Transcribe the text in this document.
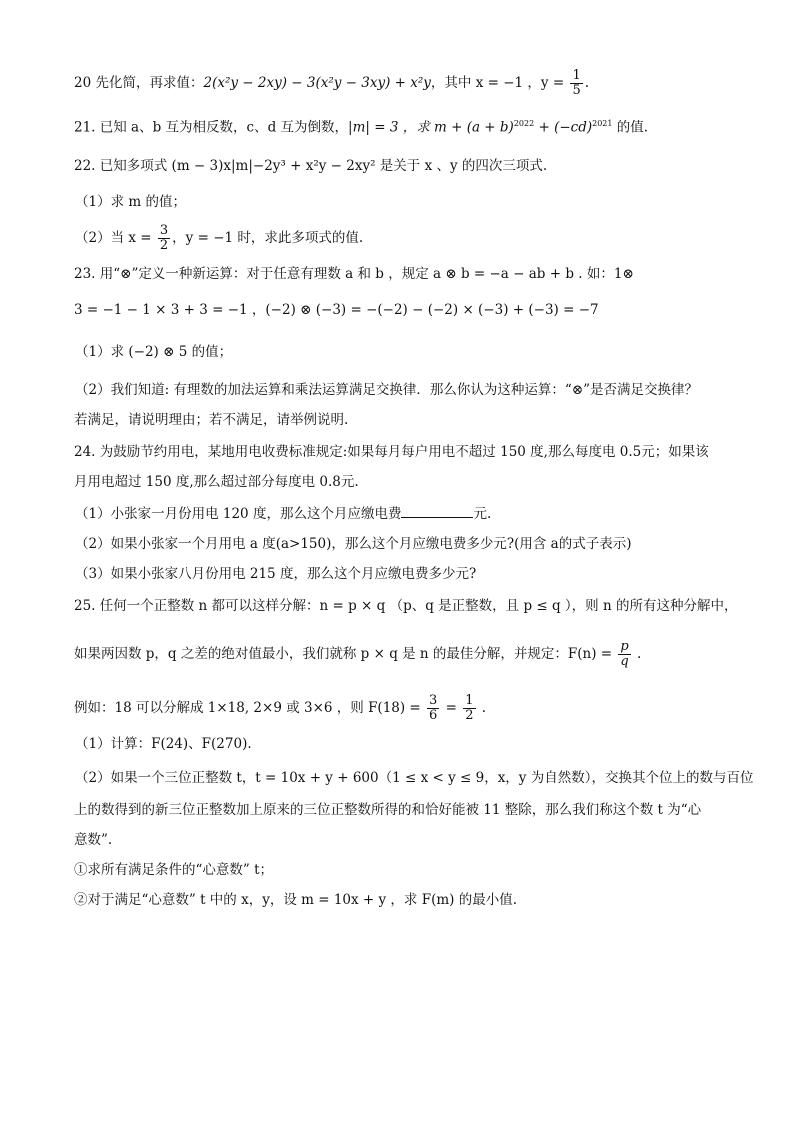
20 先化简，再求值：2(x²y − 2xy) − 3(x²y − 3xy) + x²y，其中 x = −1 ，$y = \frac{1}{5}$ .
21. 已知 a、b 互为相反数，c、d 互为倒数，|m| = 3 ，求 $m + (a + b)^{2022} + (-cd)^{2021}$ 的值.
22. 已知多项式 (m − 3)x|m|−2y³ + x²y − 2xy² 是关于 x 、y 的四次三项式.
（1）求 m 的值；
（2）当 $x = \frac{3}{2}$ ，y = −1 时，求此多项式的值.
23. 用“⊗”定义一种新运算：对于任意有理数 a 和 b ，规定 a ⊗ b = −a − ab + b . 如：1⊗
3 = −1 − 1 × 3 + 3 = −1 ，(−2) ⊗ (−3) = −(−2) − (−2) × (−3) + (−3) = −7
（1）求 (−2) ⊗ 5 的值；
（2）我们知道: 有理数的加法运算和乘法运算满足交换律．那么你认为这种运算：“⊗”是否满足交换律？
若满足，请说明理由；若不满足，请举例说明.
24. 为鼓励节约用电，某地用电收费标准规定:如果每月每户用电不超过 150 度,那么每度电 0.5元；如果该
月用电超过 150 度,那么超过部分每度电 0.8元.
（1）小张家一月份用电 120 度，那么这个月应缴电费	元.
（2）如果小张家一个月用电 a 度(a>150)，那么这个月应缴电费多少元?(用含 a的式子表示)
（3）如果小张家八月份用电 215 度，那么这个月应缴电费多少元?
25. 任何一个正整数 n 都可以这样分解：n = p × q （p、q 是正整数，且 p ≤ q ），则 n 的所有这种分解中，
如果两因数 p，q 之差的绝对值最小，我们就称 p × q 是 n 的最佳分解，并规定：$F(n) = \frac{p}{q}$ .
例如：18 可以分解成 1×18, 2×9 或 3×6 ，则 $F(18) = \frac{3}{6} = \frac{1}{2}$ .
（1）计算：F(24)、F(270).
（2）如果一个三位正整数 t，t = 10x + y + 600（1 ≤ x < y ≤ 9，x，y 为自然数），交换其个位上的数与百位
上的数得到的新三位正整数加上原来的三位正整数所得的和恰好能被 11 整除，那么我们称这个数 t 为“心
意数”.
①求所有满足条件的“心意数” t；
②对于满足“心意数” t 中的 x，y，设 m = 10x + y ，求 F(m) 的最小值.
